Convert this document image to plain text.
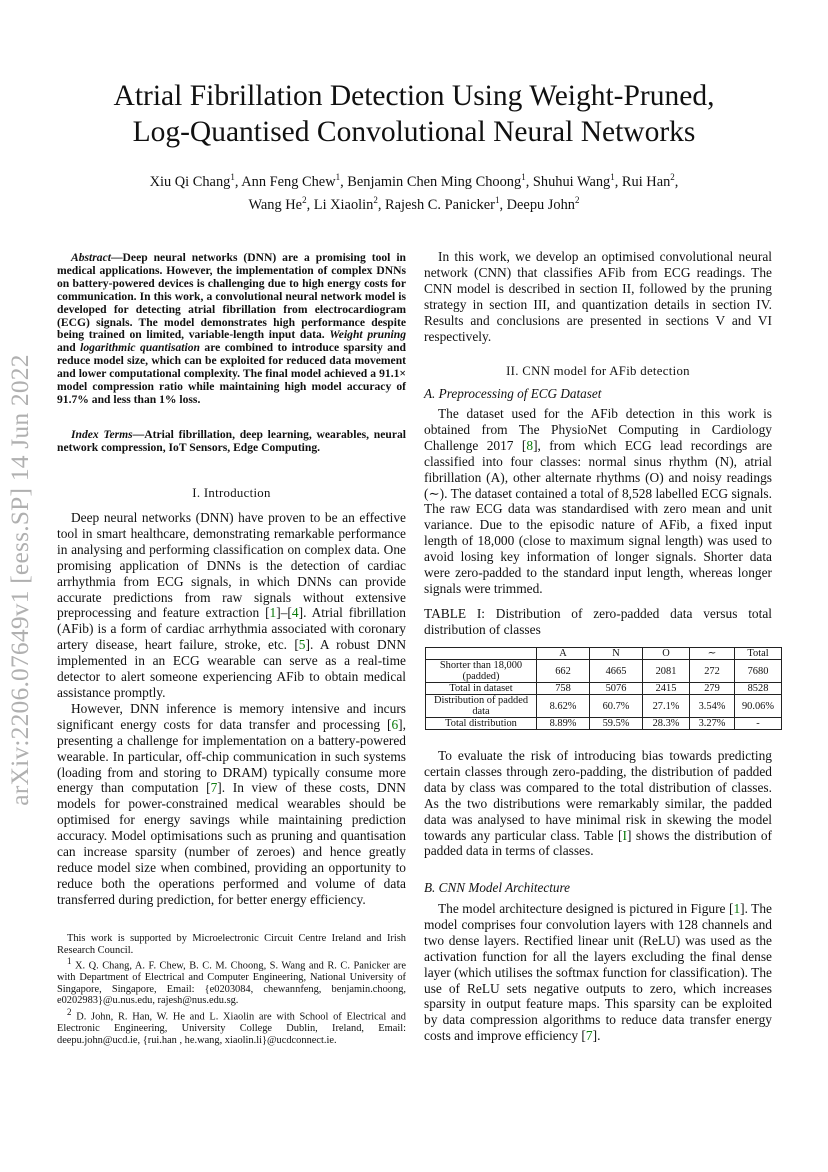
arXiv:2206.07649v1 [eess.SP] 14 Jun 2022
Atrial Fibrillation Detection Using Weight-Pruned,
Log-Quantised Convolutional Neural Networks
Xiu Qi Chang$^1$, Ann Feng Chew$^1$, Benjamin Chen Ming Choong$^1$, Shuhui Wang$^1$, Rui Han$^2$,
Wang He$^2$, Li Xiaolin$^2$, Rajesh C. Panicker$^1$, Deepu John$^2$

Abstract—Deep neural networks (DNN) are a promising tool in medical applications. However, the implementation of complex DNNs on battery-powered devices is challenging due to high energy costs for communication. In this work, a convolutional neural network model is developed for detecting atrial fibrillation from electrocardiogram (ECG) signals. The model demonstrates high performance despite being trained on limited, variable-length input data. Weight pruning and logarithmic quantisation are combined to introduce sparsity and reduce model size, which can be exploited for reduced data movement and lower computational complexity. The final model achieved a 91.1× model compression ratio while maintaining high model accuracy of 91.7% and less than 1% loss.

Index Terms—Atrial fibrillation, deep learning, wearables, neural network compression, IoT Sensors, Edge Computing.

I. Introduction

Deep neural networks (DNN) have proven to be an effective tool in smart healthcare, demonstrating remarkable performance in analysing and performing classification on complex data. One promising application of DNNs is the detection of cardiac arrhythmia from ECG signals, in which DNNs can provide accurate predictions from raw signals without extensive preprocessing and feature extraction [ 1 ] – [ 4 ] . Atrial fibrillation (AFib) is a form of cardiac arrhythmia associated with coronary artery disease, heart failure, stroke, etc. [ 5 ] . A robust DNN implemented in an ECG wearable can serve as a real-time detector to alert someone experiencing AFib to obtain medical assistance promptly.

However, DNN inference is memory intensive and incurs significant energy costs for data transfer and processing [ 6 ] , presenting a challenge for implementation on a battery-powered wearable. In particular, off-chip communication in such systems (loading from and storing to DRAM) typically consume more energy than computation [ 7 ] . In view of these costs, DNN models for power-constrained medical wearables should be optimised for energy savings while maintaining prediction accuracy. Model optimisations such as pruning and quantisation can increase sparsity (number of zeroes) and hence greatly reduce model size when combined, providing an opportunity to reduce both the operations performed and volume of data transferred during prediction, for better energy efficiency.

This work is supported by Microelectronic Circuit Centre Ireland and Irish Research Council.

$^1$ X. Q. Chang, A. F. Chew, B. C. M. Choong, S. Wang and R. C. Panicker are with Department of Electrical and Computer Engineering, National University of Singapore, Singapore, Email: {e0203084, chewannfeng, benjamin.choong, e0202983}@u.nus.edu, rajesh@nus.edu.sg.

$^2$ D. John, R. Han, W. He and L. Xiaolin are with School of Electrical and Electronic Engineering, University College Dublin, Ireland, Email: deepu.john@ucd.ie, {rui.han , he.wang, xiaolin.li}@ucdconnect.ie.

In this work, we develop an optimised convolutional neural network (CNN) that classifies AFib from ECG readings. The CNN model is described in section II, followed by the pruning strategy in section III, and quantization details in section IV. Results and conclusions are presented in sections V and VI respectively.

II. CNN model for AFib detection
A. Preprocessing of ECG Dataset

The dataset used for the AFib detection in this work is obtained from The PhysioNet Computing in Cardiology Challenge 2017 [ 8 ] , from which ECG lead recordings are classified into four classes: normal sinus rhythm (N), atrial fibrillation (A), other alternate rhythms (O) and noisy readings (∼). The dataset contained a total of 8,528 labelled ECG signals. The raw ECG data was standardised with zero mean and unit variance. Due to the episodic nature of AFib, a fixed input length of 18,000 (close to maximum signal length) was used to avoid losing key information of longer signals. Shorter data were zero-padded to the standard input length, whereas longer signals were trimmed.

TABLE I: Distribution of zero-padded data versus total distribution of classes
	A	N	O	∼	Total
Shorter than 18,000 (padded)	662	4665	2081	272	7680
Total in dataset	758	5076	2415	279	8528
Distribution of padded data	8.62%	60.7%	27.1%	3.54%	90.06%
Total distribution	8.89%	59.5%	28.3%	3.27%	-

To evaluate the risk of introducing bias towards predicting certain classes through zero-padding, the distribution of padded data by class was compared to the total distribution of classes. As the two distributions were remarkably similar, the padded data was analysed to have minimal risk in skewing the model towards any particular class. Table [ I ] shows the distribution of padded data in terms of classes.

B. CNN Model Architecture

The model architecture designed is pictured in Figure [ 1 ] . The model comprises four convolution layers with 128 channels and two dense layers. Rectified linear unit (ReLU) was used as the activation function for all the layers excluding the final dense layer (which utilises the softmax function for classification). The use of ReLU sets negative outputs to zero, which increases sparsity in output feature maps. This sparsity can be exploited by data compression algorithms to reduce data transfer energy costs and improve efficiency [ 7 ] .
